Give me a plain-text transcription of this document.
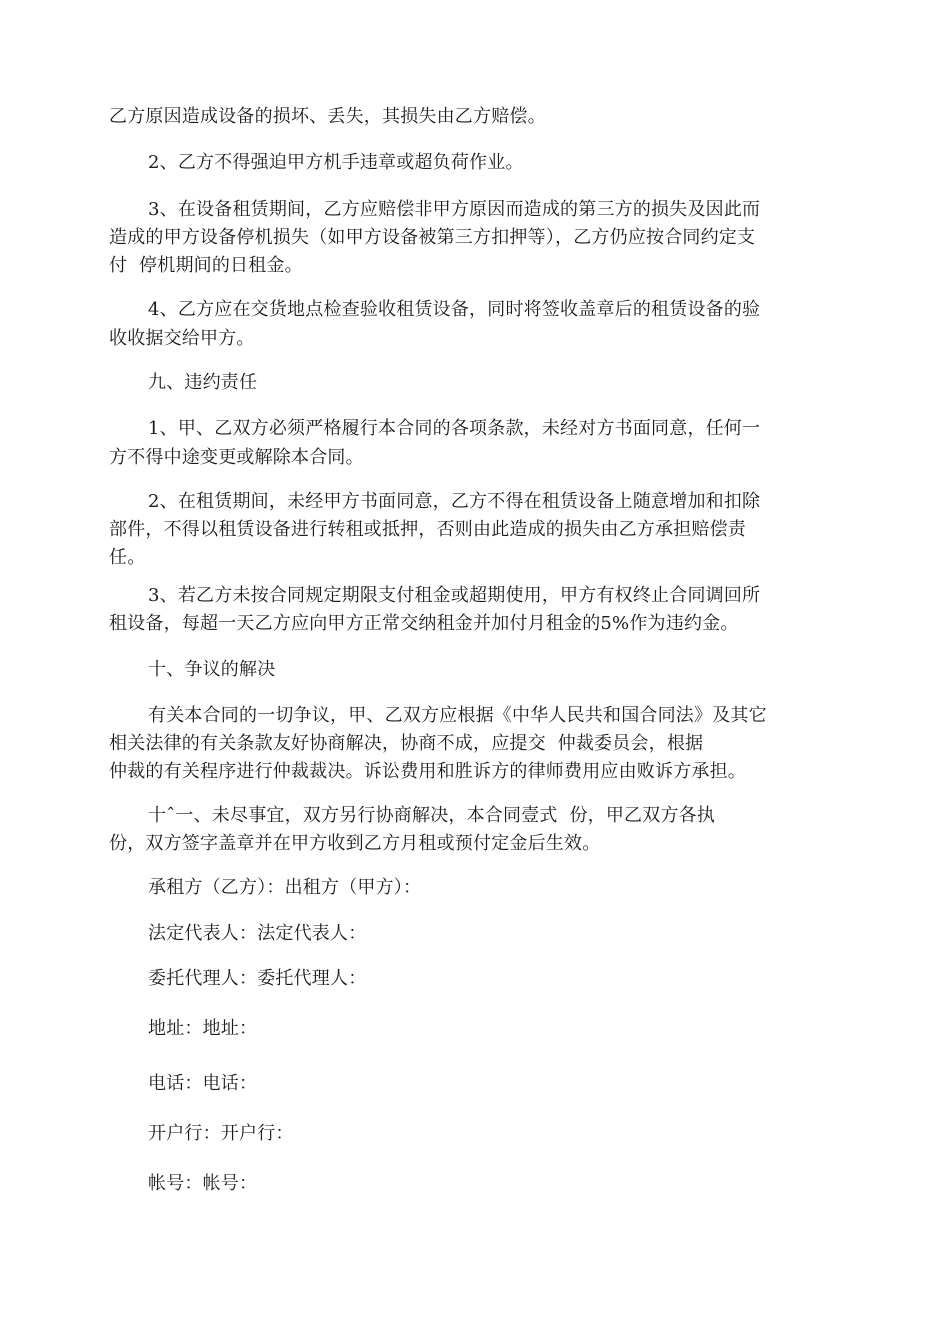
乙方原因造成设备的损坏、丢失，其损失由乙方赔偿。
2、乙方不得强迫甲方机手违章或超负荷作业。
3、在设备租赁期间，乙方应赔偿非甲方原因而造成的第三方的损失及因此而
造成的甲方设备停机损失（如甲方设备被第三方扣押等），乙方仍应按合同约定支
付  停机期间的日租金。
4、乙方应在交货地点检查验收租赁设备，同时将签收盖章后的租赁设备的验
收收据交给甲方。
九、违约责任
1、甲、乙双方必须严格履行本合同的各项条款，未经对方书面同意，任何一
方不得中途变更或解除本合同。
2、在租赁期间，未经甲方书面同意，乙方不得在租赁设备上随意增加和扣除
部件，不得以租赁设备进行转租或抵押，否则由此造成的损失由乙方承担赔偿责
任。
3、若乙方未按合同规定期限支付租金或超期使用，甲方有权终止合同调回所
租设备，每超一天乙方应向甲方正常交纳租金并加付月租金的5%作为违约金。
十、争议的解决
有关本合同的一切争议，甲、乙双方应根据《中华人民共和国合同法》及其它
相关法律的有关条款友好协商解决，协商不成，应提交  仲裁委员会，根据
仲裁的有关程序进行仲裁裁决。诉讼费用和胜诉方的律师费用应由败诉方承担。
十ˆ一、未尽事宜，双方另行协商解决，本合同壹式  份，甲乙双方各执
份，双方签字盖章并在甲方收到乙方月租或预付定金后生效。
承租方（乙方）：出租方（甲方）：
法定代表人：法定代表人：
委托代理人：委托代理人：
地址：地址：
电话：电话：
开户行：开户行：
帐号：帐号：
